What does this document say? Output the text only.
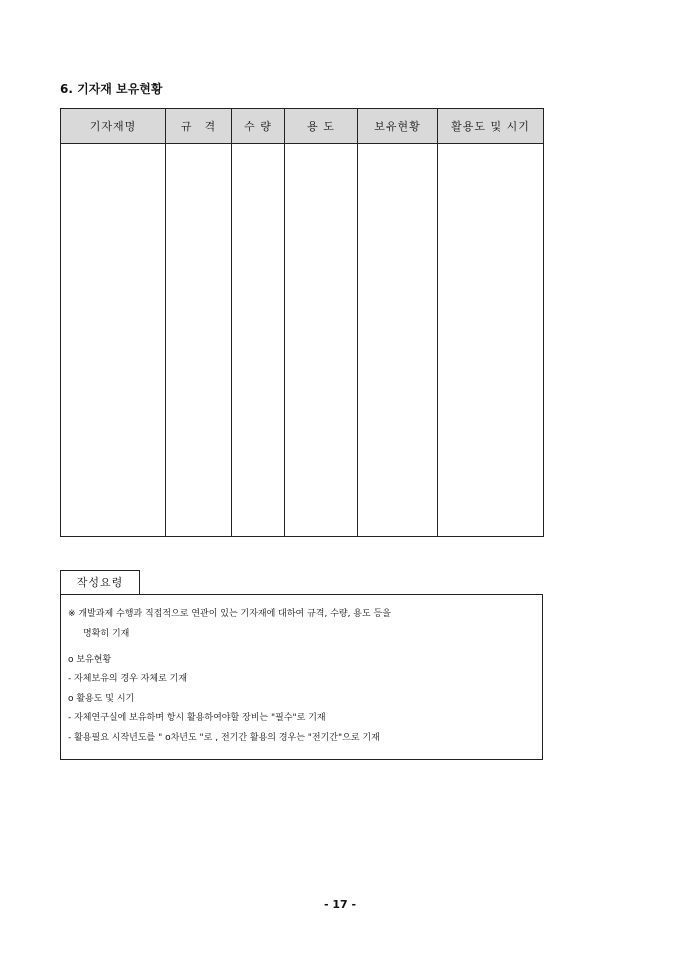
6. 기자재 보유현황
기자재명	규　격	수 량	용 도	보유현황	활용도 및 시기

작성요령
※ 개발과제 수행과 직접적으로 연관이 있는 기자재에 대하여 규격, 수량, 용도 등을
명확히 기재
o 보유현황
- 자체보유의 경우 자체로 기재
o 활용도 및 시기
- 자체연구실에 보유하며 항시 활용하여야할 장비는 "필수"로 기재
- 활용필요 시작년도를 " o차년도 "로 , 전기간 활용의 경우는 "전기간"으로 기재
- 17 -
